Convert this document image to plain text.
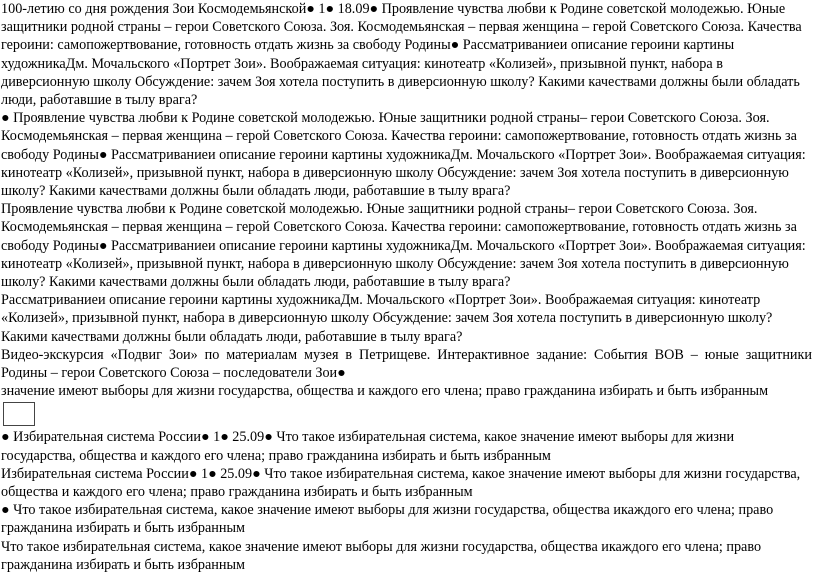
100-летию со дня рождения Зои Космодемьянской● 1● 18.09● Проявление чувства любви к Родине советской молодежью. Юные защитники родной страны – герои Советского Союза. Зоя. Космодемьянская – первая женщина – герой Советского Союза. Качества героини: самопожертвование, готовность отдать жизнь за свободу Родины● Рассматриваниеи описание героини картины художникаДм. Мочальского «Портрет Зои». Воображаемая ситуация: кинотеатр «Колизей», призывной пункт, набора в диверсионную школу Обсуждение: зачем Зоя хотела поступить в диверсионную школу? Какими качествами должны были обладать люди, работавшие в тылу врага?

● Проявление чувства любви к Родине советской молодежью. Юные защитники родной страны– герои Советского Союза. Зоя. Космодемьянская – первая женщина – герой Советского Союза. Качества героини: самопожертвование, готовность отдать жизнь за свободу Родины● Рассматриваниеи описание героини картины художникаДм. Мочальского «Портрет Зои». Воображаемая ситуация: кинотеатр «Колизей», призывной пункт, набора в диверсионную школу Обсуждение: зачем Зоя хотела поступить в диверсионную школу? Какими качествами должны были обладать люди, работавшие в тылу врага?

Проявление чувства любви к Родине советской молодежью. Юные защитники родной страны– герои Советского Союза. Зоя. Космодемьянская – первая женщина – герой Советского Союза. Качества героини: самопожертвование, готовность отдать жизнь за свободу Родины● Рассматриваниеи описание героини картины художникаДм. Мочальского «Портрет Зои». Воображаемая ситуация: кинотеатр «Колизей», призывной пункт, набора в диверсионную школу Обсуждение: зачем Зоя хотела поступить в диверсионную школу? Какими качествами должны были обладать люди, работавшие в тылу врага?

Рассматриваниеи описание героини картины художникаДм. Мочальского «Портрет Зои». Воображаемая ситуация: кинотеатр «Колизей», призывной пункт, набора в диверсионную школу Обсуждение: зачем Зоя хотела поступить в диверсионную школу? Какими качествами должны были обладать люди, работавшие в тылу врага?

Видео-экскурсия «Подвиг Зои» по материалам музея в Петрищеве. Интерактивное задание: События ВОВ – юные защитники Родины – герои Советского Союза – последователи Зои●

значение имеют выборы для жизни государства, общества и каждого его члена; право гражданина избирать и быть избранным

● Избирательная система России● 1● 25.09● Что такое избирательная система, какое значение имеют выборы для жизни государства, общества и каждого его члена; право гражданина избирать и быть избранным

Избирательная система России● 1● 25.09● Что такое избирательная система, какое значение имеют выборы для жизни государства, общества и каждого его члена; право гражданина избирать и быть избранным

● Что такое избирательная система, какое значение имеют выборы для жизни государства, общества икаждого его члена; право гражданина избирать и быть избранным

Что такое избирательная система, какое значение имеют выборы для жизни государства, общества икаждого его члена; право гражданина избирать и быть избранным
